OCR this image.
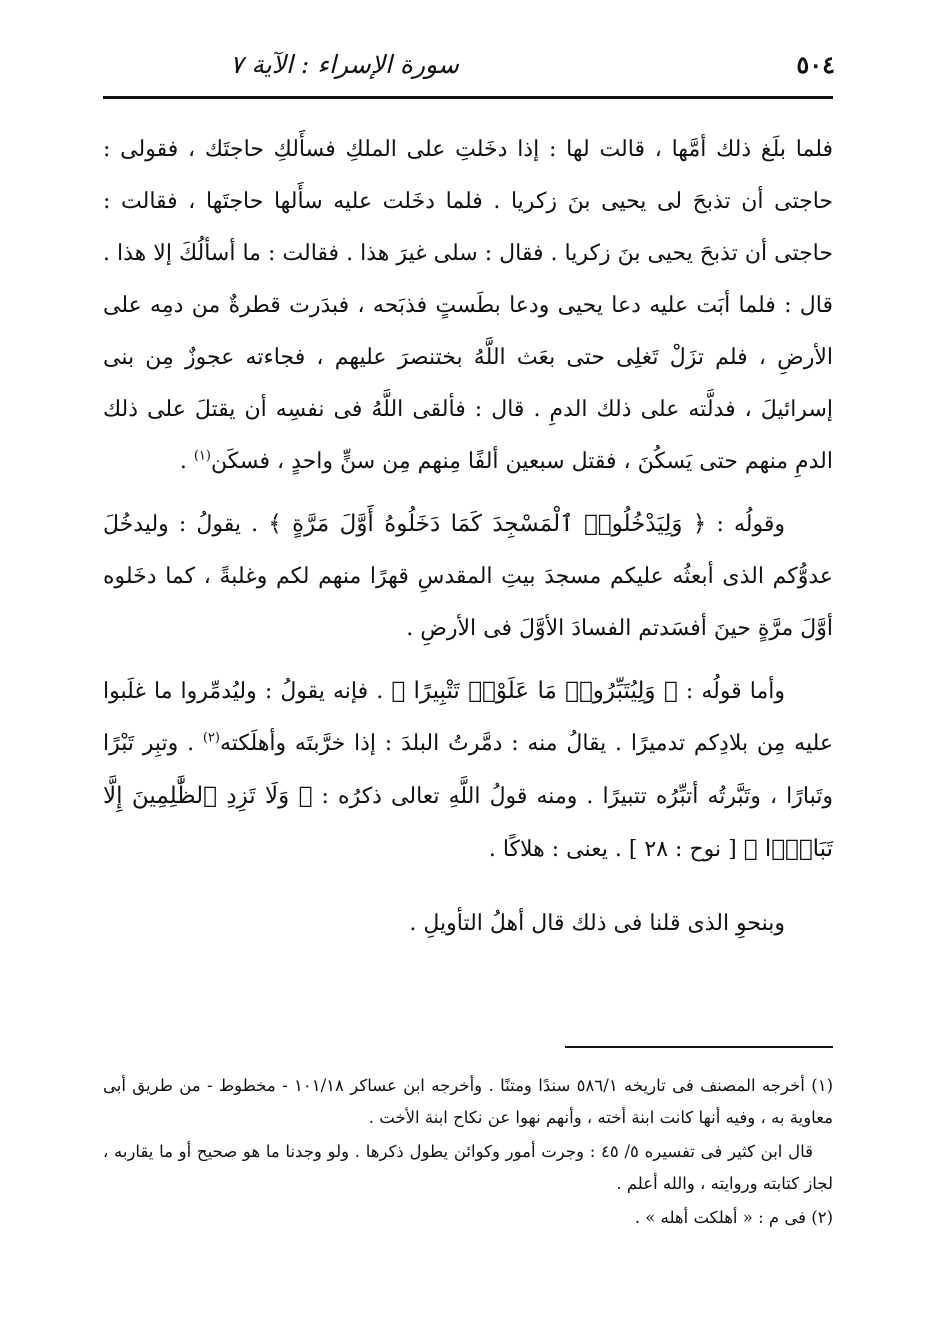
٥٠٤
سورة الإسراء : الآية ٧

فلما بلَغ ذلك أمَّها ، قالت لها : إذا دخَلتِ على الملكِ فسأَلكِ حاجتَك ، فقولى : حاجتى أن تذبحَ لى يحيى بنَ زكريا . فلما دخَلت عليه سأَلها حاجتَها ، فقالت : حاجتى أن تذبحَ يحيى بنَ زكريا . فقال : سلى غيرَ هذا . فقالت : ما أسألُكَ إلا هذا . قال : فلما أبَت عليه دعا يحيى ودعا بطَستٍ فذبَحه ، فبدَرت قطرةٌ من دمِه على الأرضِ ، فلم تزَلْ تَغلِى حتى بعَث اللَّهُ بختنصرَ عليهم ، فجاءته عجوزٌ مِن بنى إسرائيلَ ، فدلَّته على ذلك الدمِ . قال : فألقى اللَّهُ فى نفسِه أن يقتلَ على ذلك الدمِ منهم حتى يَسكُنَ ، فقتل سبعين ألفًا مِنهم مِن سنٍّ واحدٍ ، فسكَن$^{(١)}$ .

وقولُه : ﴿ وَلِيَدْخُلُوا۟ ٱلْمَسْجِدَ كَمَا دَخَلُوهُ أَوَّلَ مَرَّةٍ ﴾ . يقولُ : وليدخُلَ عدوُّكم الذى أبعثُه عليكم مسجدَ بيتِ المقدسِ قهرًا منهم لكم وغلبةً ، كما دخَلوه أوَّلَ مرَّةٍ حينَ أفسَدتم الفسادَ الأوَّلَ فى الأرضِ .

وأما قولُه : ﴿ وَلِيُتَبِّرُوا۟ مَا عَلَوْا۟ تَتْبِيرًا ﴾ . فإنه يقولُ : وليُدمِّروا ما غلَبوا عليه مِن بلادِكم تدميرًا . يقالُ منه : دمَّرتُ البلدَ : إذا خرَّبتَه وأهلَكته$^{(٢)}$ . وتبِر تَبْرًا وتَبارًا ، وتَبَّرتُه أتبِّرُه تتبيرًا . ومنه قولُ اللَّهِ تعالى ذكرُه : ﴿ وَلَا تَزِدِ ٱلظَّٰلِمِينَ إِلَّا تَبَارًۢا ﴾ [ نوح : ٢٨ ] . يعنى : هلاكًا .

وبنحوِ الذى قلنا فى ذلك قال أهلُ التأويلِ .

(١) أخرجه المصنف فى تاريخه ٥٨٦/١ سندًا ومتنًا . وأخرجه ابن عساكر ١٠١/١٨ - مخطوط - من طريق أبى معاوية به ، وفيه أنها كانت ابنة أخته ، وأنهم نهوا عن نكاح ابنة الأخت .

قال ابن كثير فى تفسيره ٥/ ٤٥ : وجرت أمور وكوائن يطول ذكرها . ولو وجدنا ما هو صحيح أو ما يقاربه ، لجاز كتابته وروايته ، والله أعلم .

(٢) فى م : « أهلكت أهله » .
